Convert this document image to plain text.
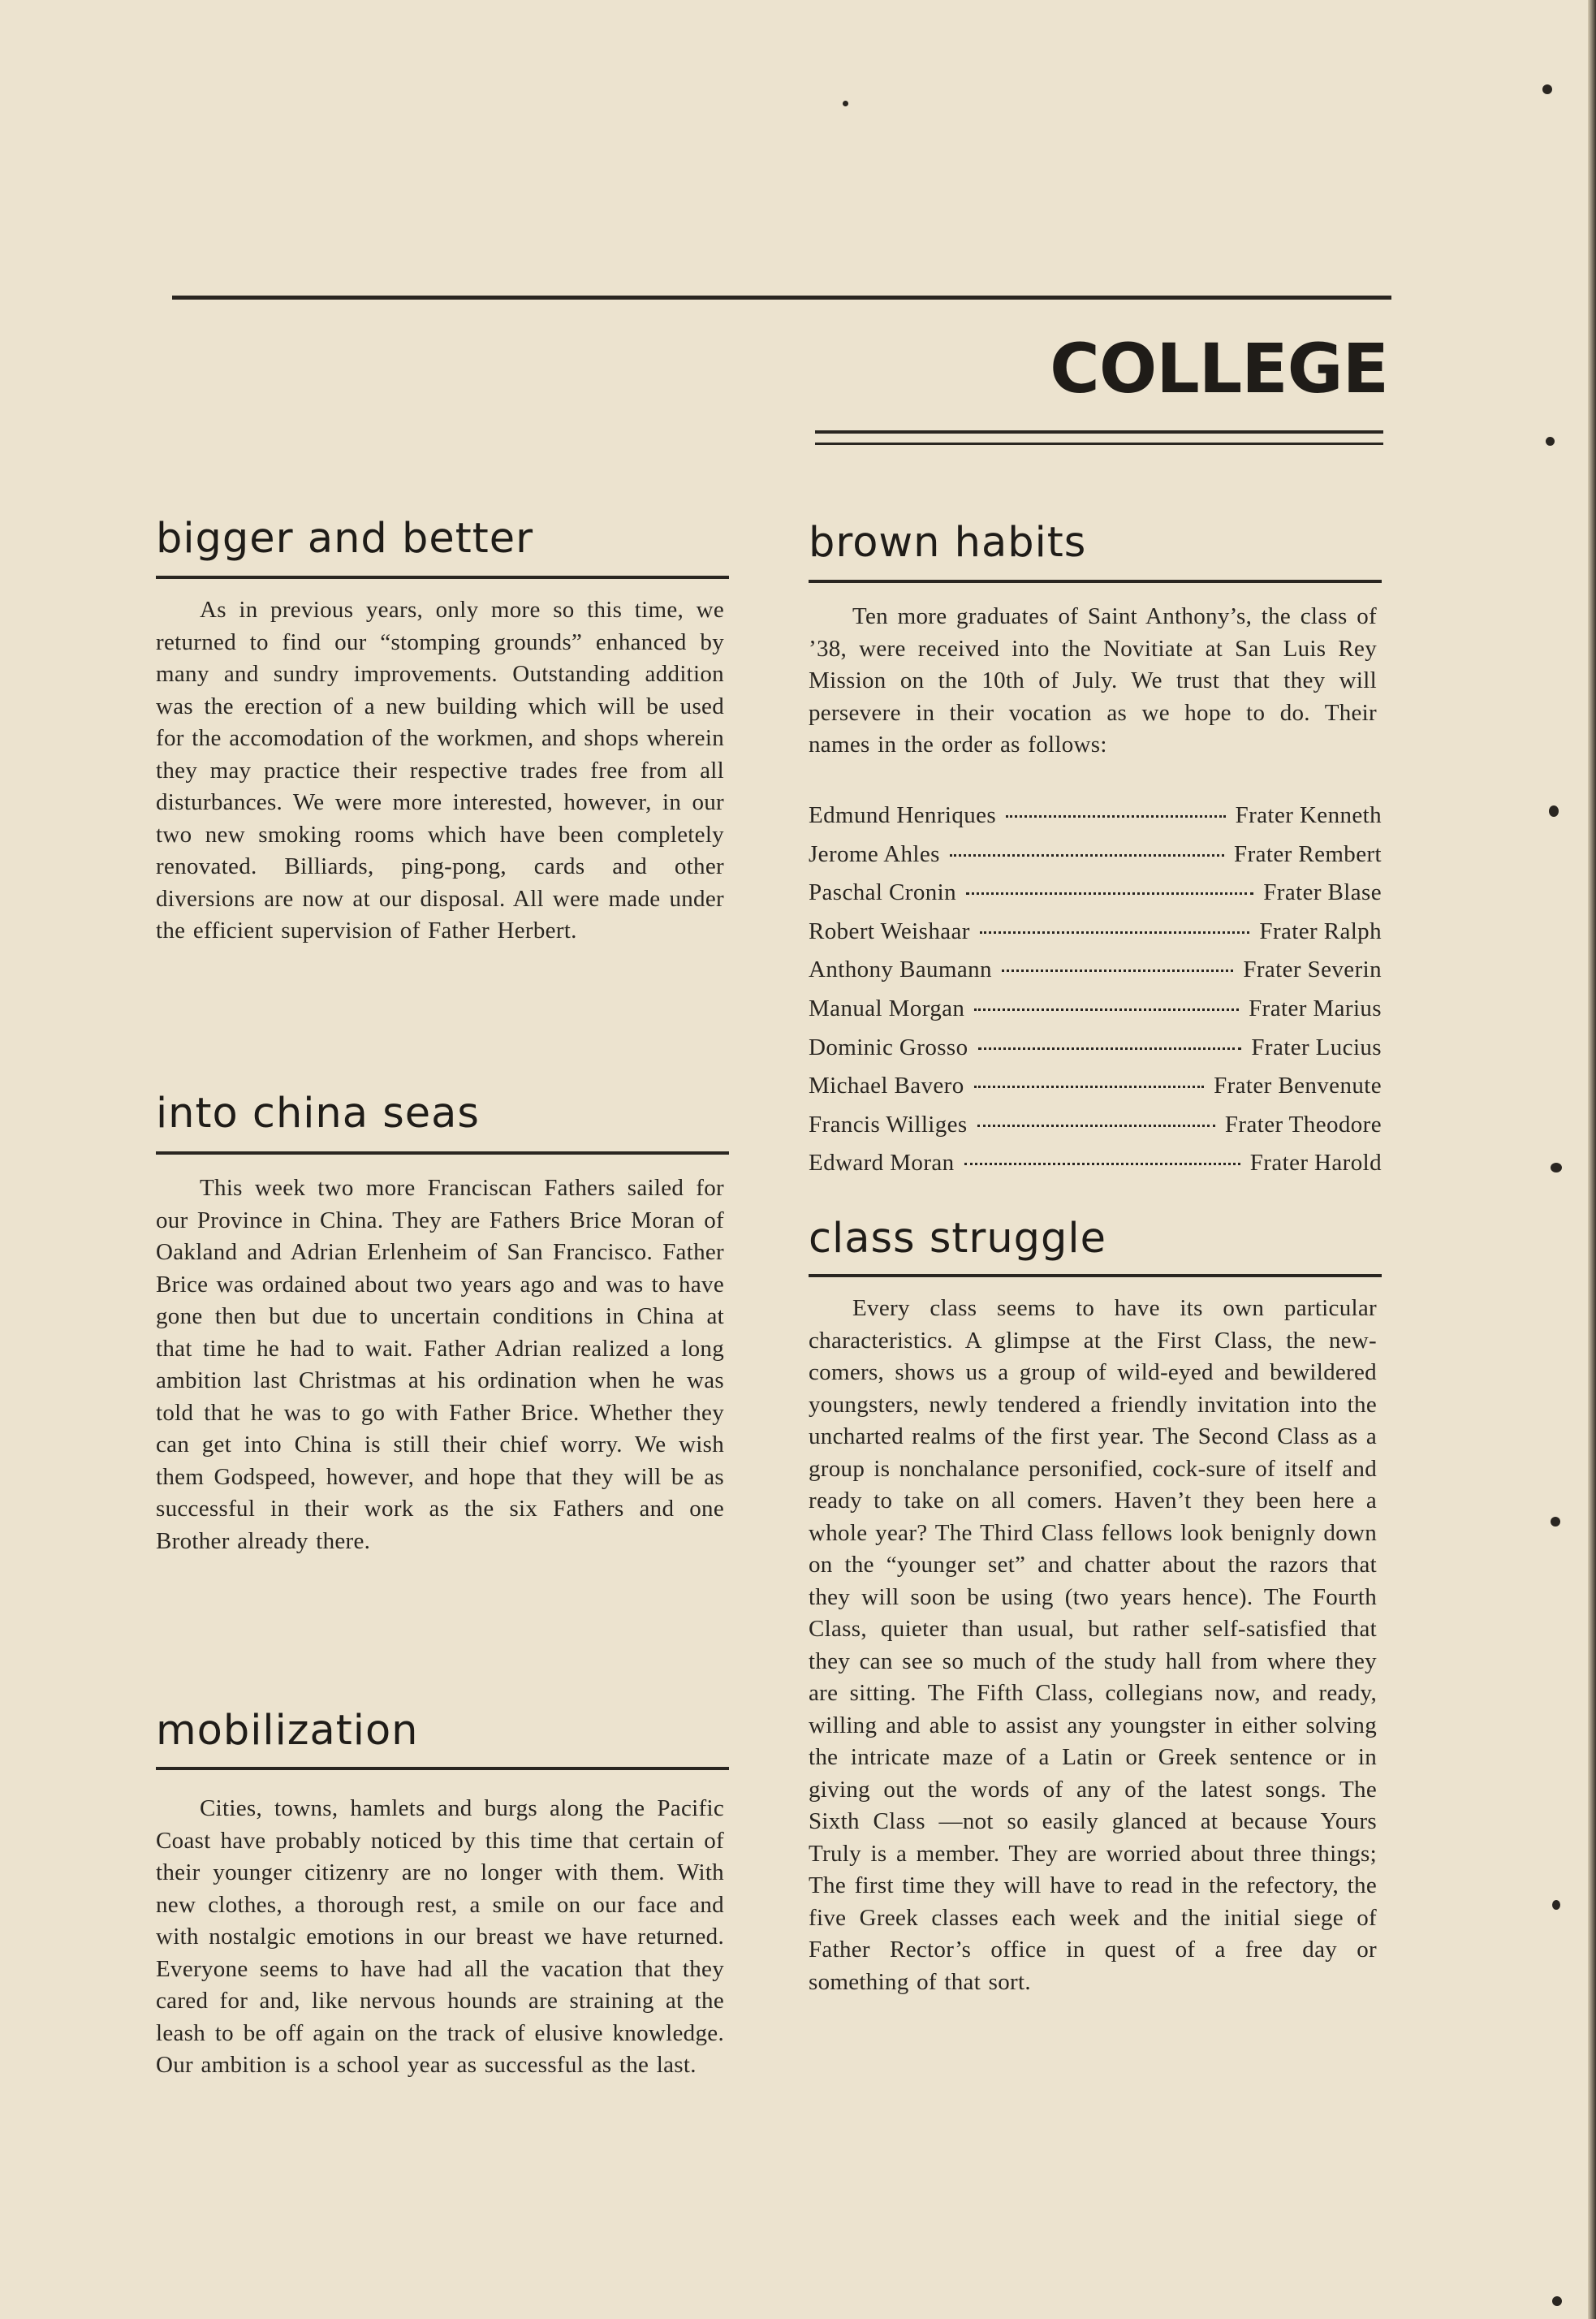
COLLEGE
bigger and better
As in previous years, only more so this time, we returned to find our “stomping grounds” enhanced by many and sundry improvements. Outstanding addition was the erection of a new building which will be used for the accomodation of the workmen, and shops wherein they may practice their respective trades free from all disturbances. We were more interested, however, in our two new smoking rooms which have been completely renovated. Billiards, ping-pong, cards and other diversions are now at our disposal. All were made under the efficient supervision of Father Herbert.
into china seas
This week two more Franciscan Fathers sailed for our Province in China. They are Fathers Brice Moran of Oakland and Adrian Erlenheim of San Francisco. Father Brice was ordained about two years ago and was to have gone then but due to uncertain conditions in China at that time he had to wait. Father Adrian realized a long ambition last Christmas at his ordination when he was told that he was to go with Father Brice. Whether they can get into China is still their chief worry. We wish them Godspeed, however, and hope that they will be as successful in their work as the six Fathers and one Brother already there.
mobilization
Cities, towns, hamlets and burgs along the Pacific Coast have probably noticed by this time that certain of their younger citizenry are no longer with them. With new clothes, a thorough rest, a smile on our face and with nostalgic emotions in our breast we have returned. Everyone seems to have had all the vacation that they cared for and, like nervous hounds are straining at the leash to be off again on the track of elusive knowledge. Our ambition is a school year as successful as the last.
brown habits
Ten more graduates of Saint Anthony’s, the class of ’38, were received into the Novitiate at San Luis Rey Mission on the 10th of July. We trust that they will persevere in their vocation as we hope to do. Their names in the order as follows:
Edmund Henriques	Frater Kenneth
Jerome Ahles	Frater Rembert
Paschal Cronin	Frater Blase
Robert Weishaar	Frater Ralph
Anthony Baumann	Frater Severin
Manual Morgan	Frater Marius
Dominic Grosso	Frater Lucius
Michael Bavero	Frater Benvenute
Francis Williges	Frater Theodore
Edward Moran	Frater Harold
class struggle
Every class seems to have its own particular characteristics. A glimpse at the First Class, the new-comers, shows us a group of wild-eyed and bewildered youngsters, newly tendered a friendly invitation into the uncharted realms of the first year. The Second Class as a group is nonchalance personified, cock-sure of itself and ready to take on all comers. Haven’t they been here a whole year? The Third Class fellows look benignly down on the “younger set” and chatter about the razors that they will soon be using (two years hence). The Fourth Class, quieter than usual, but rather self-satisfied that they can see so much of the study hall from where they are sitting. The Fifth Class, collegians now, and ready, willing and able to assist any youngster in either solving the intricate maze of a Latin or Greek sentence or in giving out the words of any of the latest songs. The Sixth Class —not so easily glanced at because Yours Truly is a member. They are worried about three things; The first time they will have to read in the refectory, the five Greek classes each week and the initial siege of Father Rector’s office in quest of a free day or something of that sort.
